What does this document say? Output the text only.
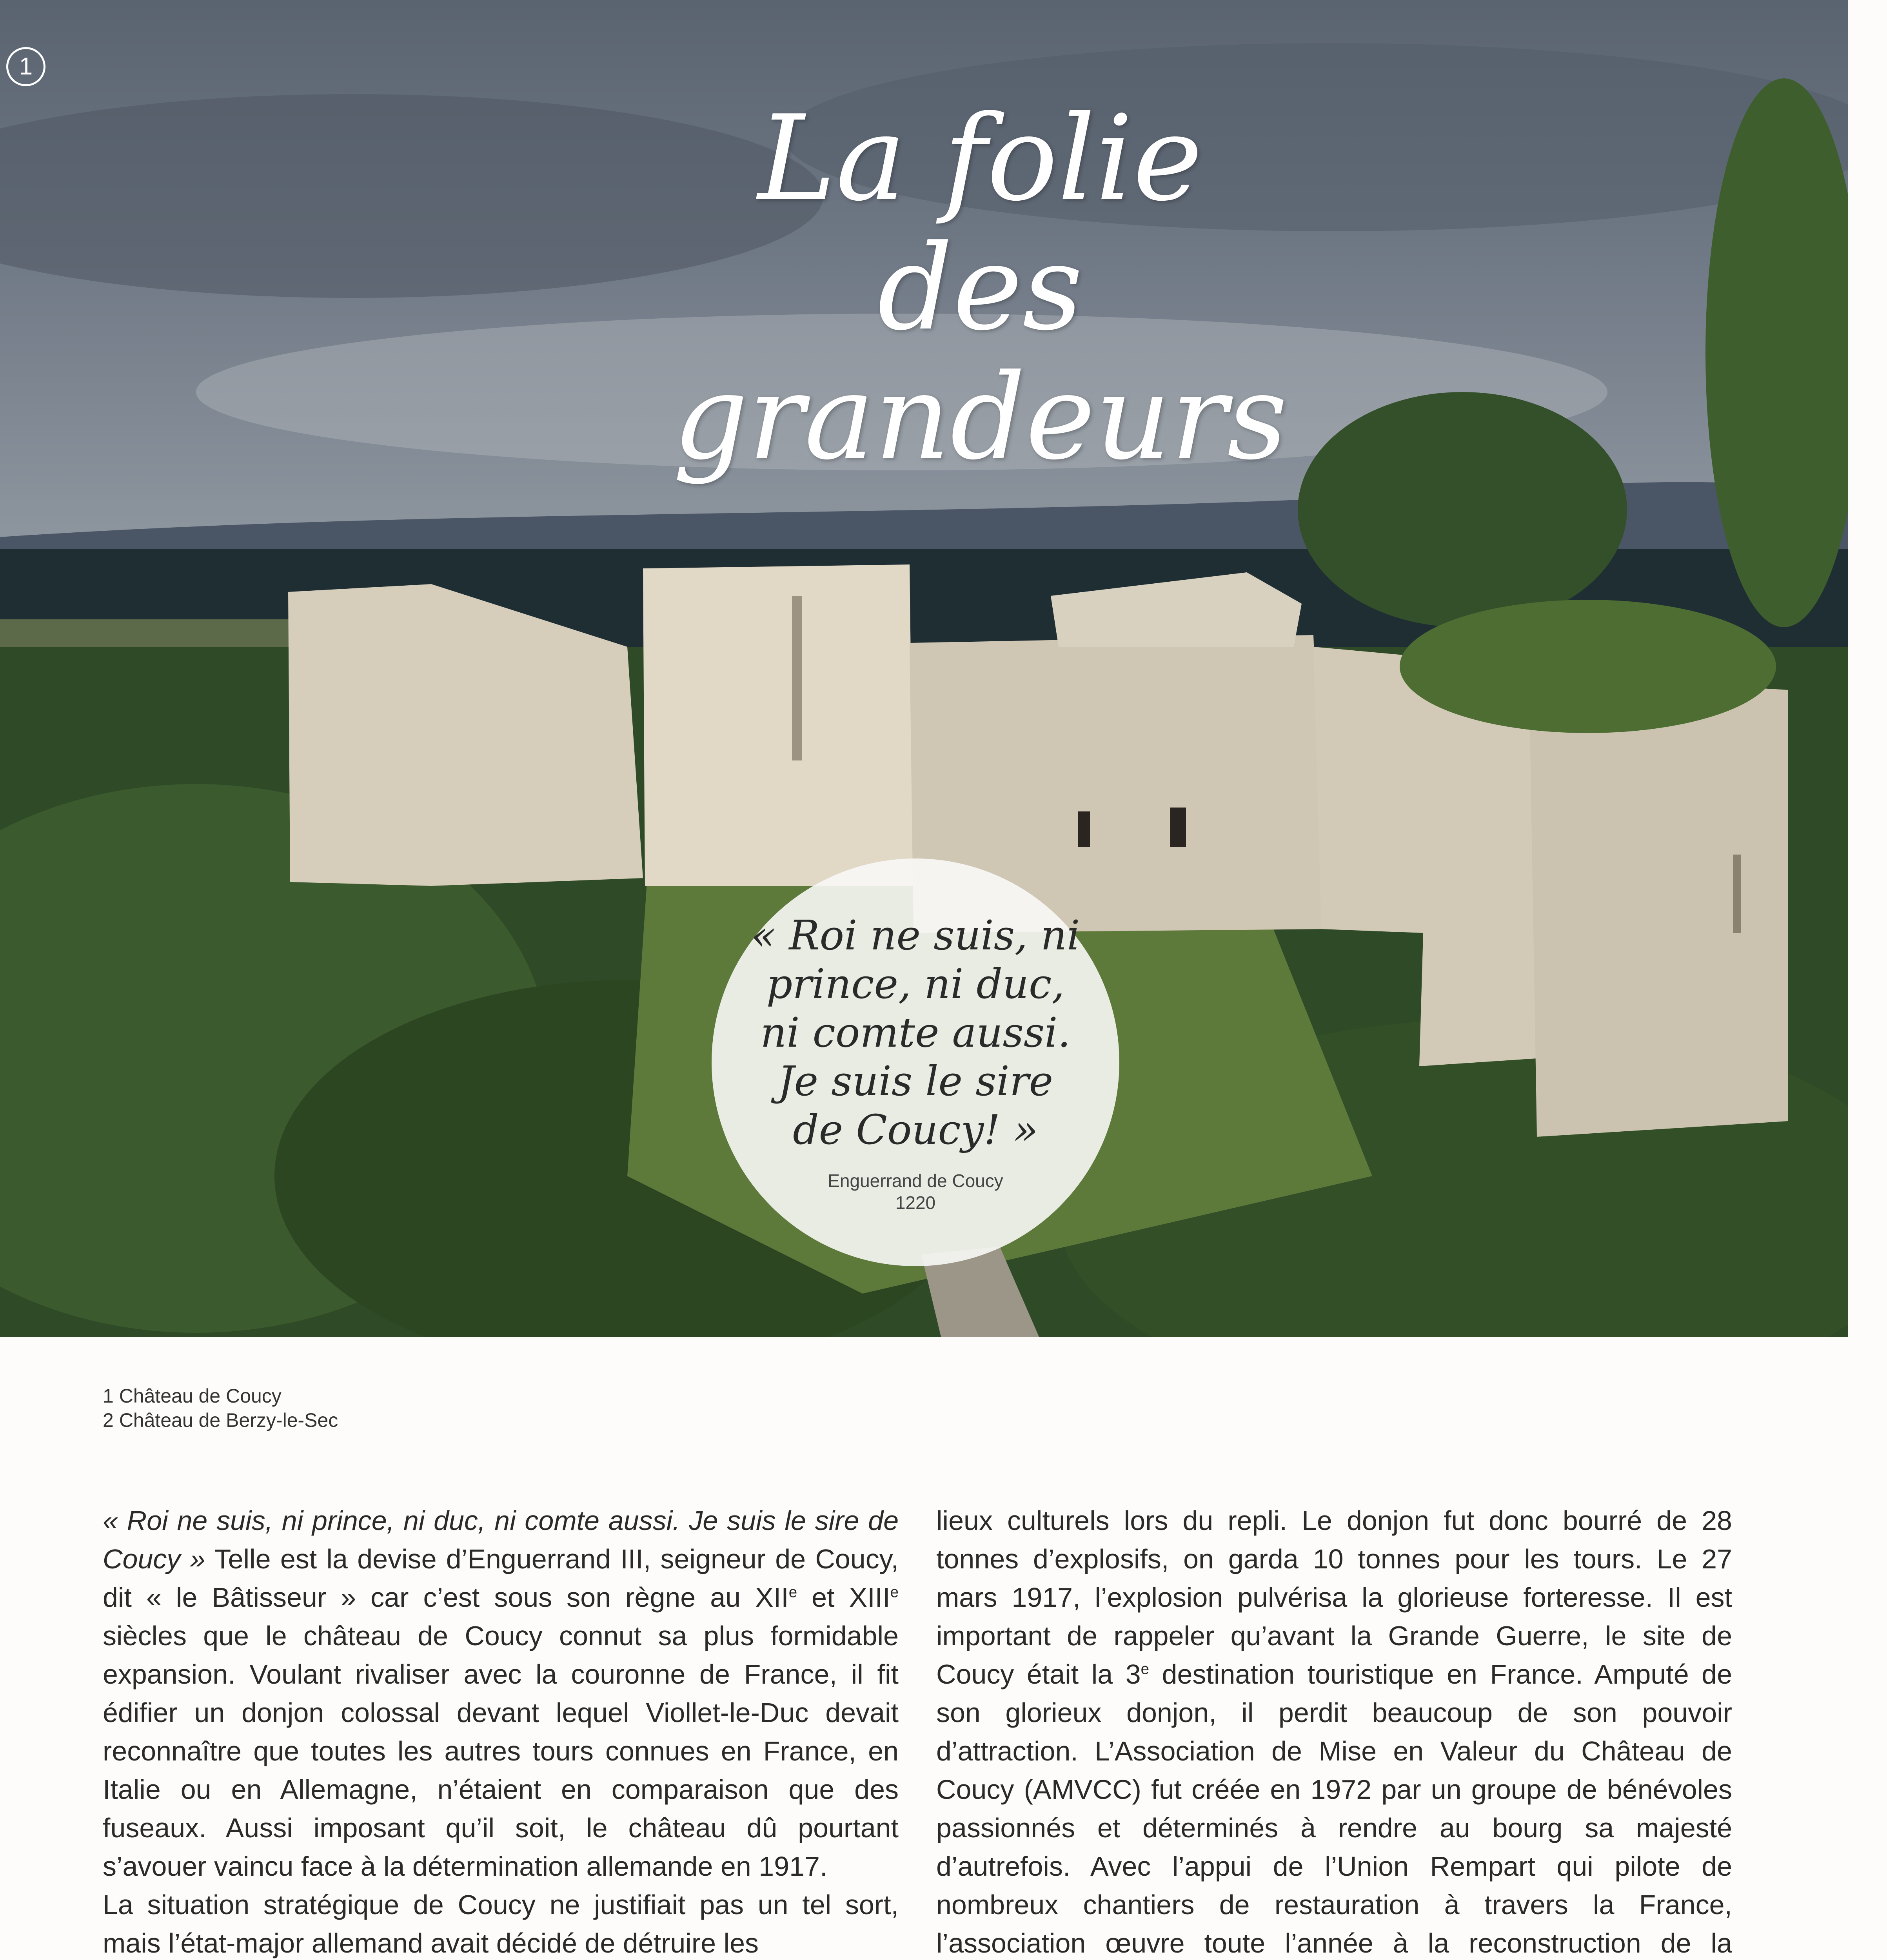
1
La folie
des grandeurs

« Roi ne suis, ni prince, ni duc, ni comte aussi. Je suis le sire de Coucy! »

Enguerrand de Coucy
1220
1 Château de Coucy
2 Château de Berzy-le-Sec

« Roi ne suis, ni prince, ni duc, ni comte aussi. Je suis le sire de Coucy » Telle est la devise d’Enguerrand III, seigneur de Coucy, dit « le Bâtisseur » car c’est sous son règne au XIIe et XIIIe siècles que le château de Coucy connut sa plus formidable expansion. Voulant rivaliser avec la couronne de France, il fit édifier un donjon colossal devant lequel Viollet-le-Duc devait reconnaître que toutes les autres tours connues en France, en Italie ou en Allemagne, n’étaient en comparaison que des fuseaux. Aussi imposant qu’il soit, le château dû pourtant s’avouer vaincu face à la détermination allemande en 1917.

La situation stratégique de Coucy ne justifiait pas un tel sort, mais l’état-major allemand avait décidé de détruire les

lieux culturels lors du repli. Le donjon fut donc bourré de 28 tonnes d’explosifs, on garda 10 tonnes pour les tours. Le 27 mars 1917, l’explosion pulvérisa la glorieuse forteresse. Il est important de rappeler qu’avant la Grande Guerre, le site de Coucy était la 3e destination touristique en France. Amputé de son glorieux donjon, il perdit beaucoup de son pouvoir d’attraction. L’Association de Mise en Valeur du Château de Coucy (AMVCC) fut créée en 1972 par un groupe de bénévoles passionnés et déterminés à rendre au bourg sa majesté d’autrefois. Avec l’appui de l’Union Rempart qui pilote de nombreux chantiers de restauration à travers la France, l’association œuvre toute l’année à la reconstruction de la
